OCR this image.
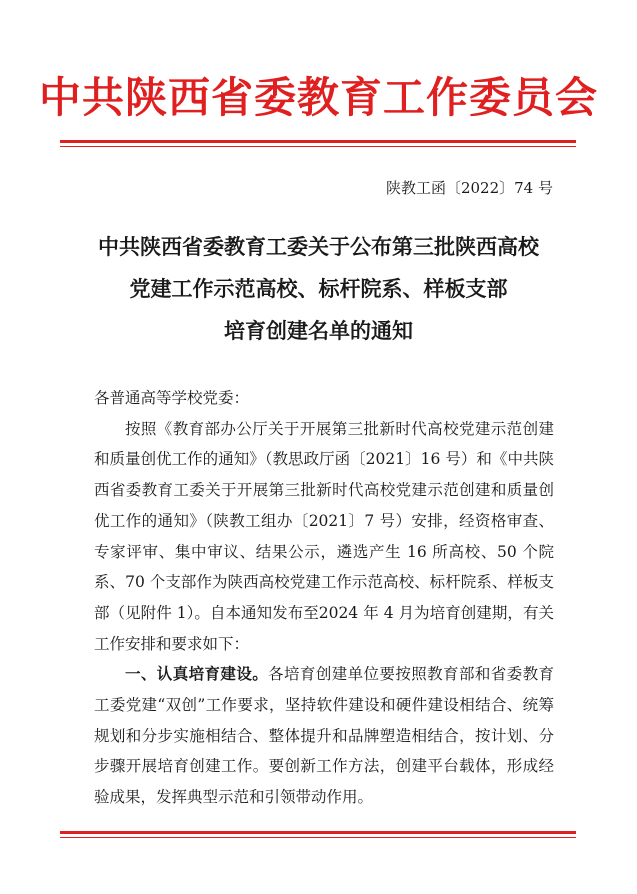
中共陕西省委教育工作委员会
陕教工函〔2022〕74 号
中共陕西省委教育工委关于公布第三批陕西高校
党建工作示范高校、标杆院系、样板支部
培育创建名单的通知

各普通高等学校党委：

按照《教育部办公厅关于开展第三批新时代高校党建示范创建和质量创优工作的通知》（教思政厅函〔2021〕16 号）和《中共陕西省委教育工委关于开展第三批新时代高校党建示范创建和质量创优工作的通知》（陕教工组办〔2021〕7 号）安排，经资格审查、专家评审、集中审议、结果公示，遴选产生 16 所高校、50 个院系、70 个支部作为陕西高校党建工作示范高校、标杆院系、样板支部（见附件 1）。自本通知发布至2024 年 4 月为培育创建期，有关工作安排和要求如下：

一、认真培育建设。各培育创建单位要按照教育部和省委教育工委党建“双创”工作要求，坚持软件建设和硬件建设相结合、统筹规划和分步实施相结合、整体提升和品牌塑造相结合，按计划、分步骤开展培育创建工作。要创新工作方法，创建平台载体，形成经验成果，发挥典型示范和引领带动作用。
